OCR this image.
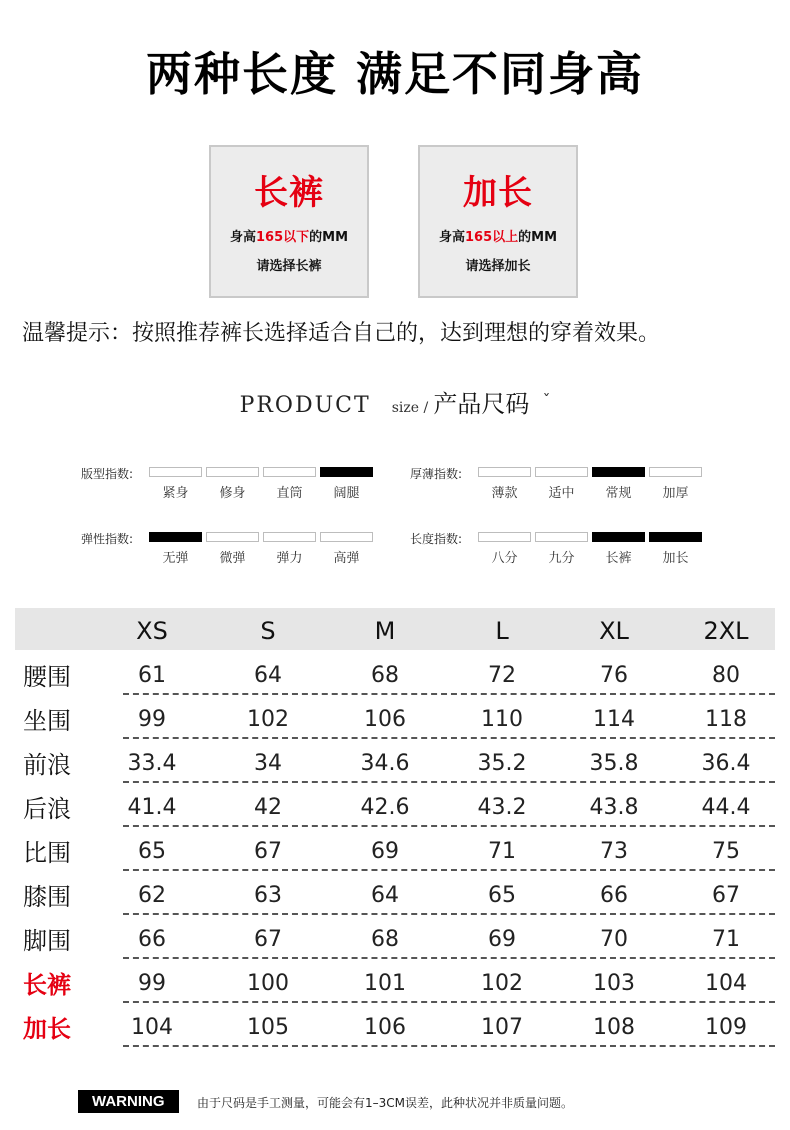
两种长度 满足不同身高
长裤
身高165以下的MM
请选择长裤
加长
身高165以上的MM
请选择加长
温馨提示：按照推荐裤长选择适合自己的，达到理想的穿着效果。
PRODUCT size / 产品尺码 ˇ
版型指数:
紧身	修身	直筒	阔腿
厚薄指数:
薄款	适中	常规	加厚
弹性指数:
无弹	微弹	弹力	高弹
长度指数:
八分	九分	长裤	加长
XS	S	M	L	XL	2XL
腰围	61	64	68	72	76	80
坐围	99	102	106	110	114	118
前浪	33.4	34	34.6	35.2	35.8	36.4
后浪	41.4	42	42.6	43.2	43.8	44.4
比围	65	67	69	71	73	75
膝围	62	63	64	65	66	67
脚围	66	67	68	69	70	71
长裤	99	100	101	102	103	104
加长	104	105	106	107	108	109
WARNING	由于尺码是手工测量，可能会有1–3CM误差，此种状况并非质量问题。
